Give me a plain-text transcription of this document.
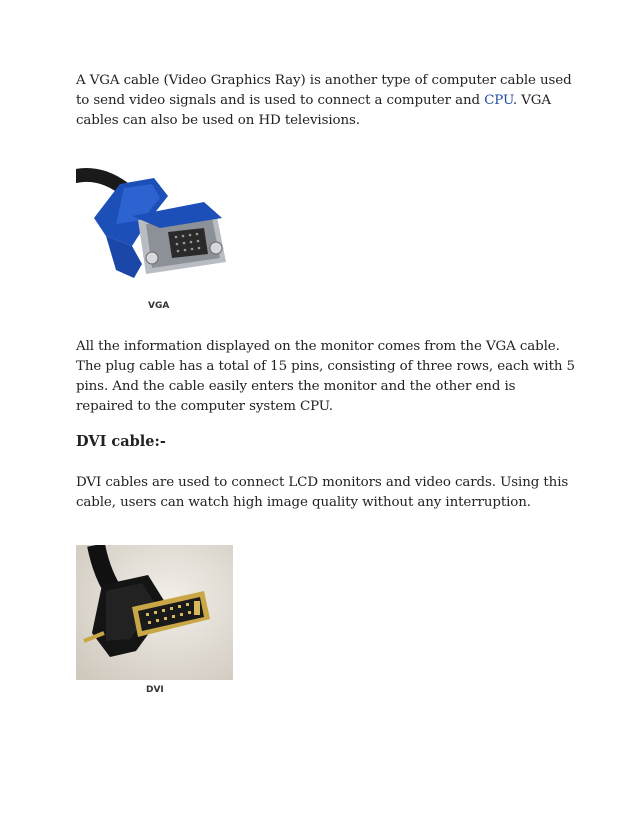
A VGA cable (Video Graphics Ray) is another type of computer cable used to send video signals and is used to connect a computer and CPU. VGA cables can also be used on HD televisions.

VGA

All the information displayed on the monitor comes from the VGA cable. The plug cable has a total of 15 pins, consisting of three rows, each with 5 pins. And the cable easily enters the monitor and the other end is repaired to the computer system CPU.

DVI cable:-

DVI cables are used to connect LCD monitors and video cards. Using this cable, users can watch high image quality without any interruption.

DVI
